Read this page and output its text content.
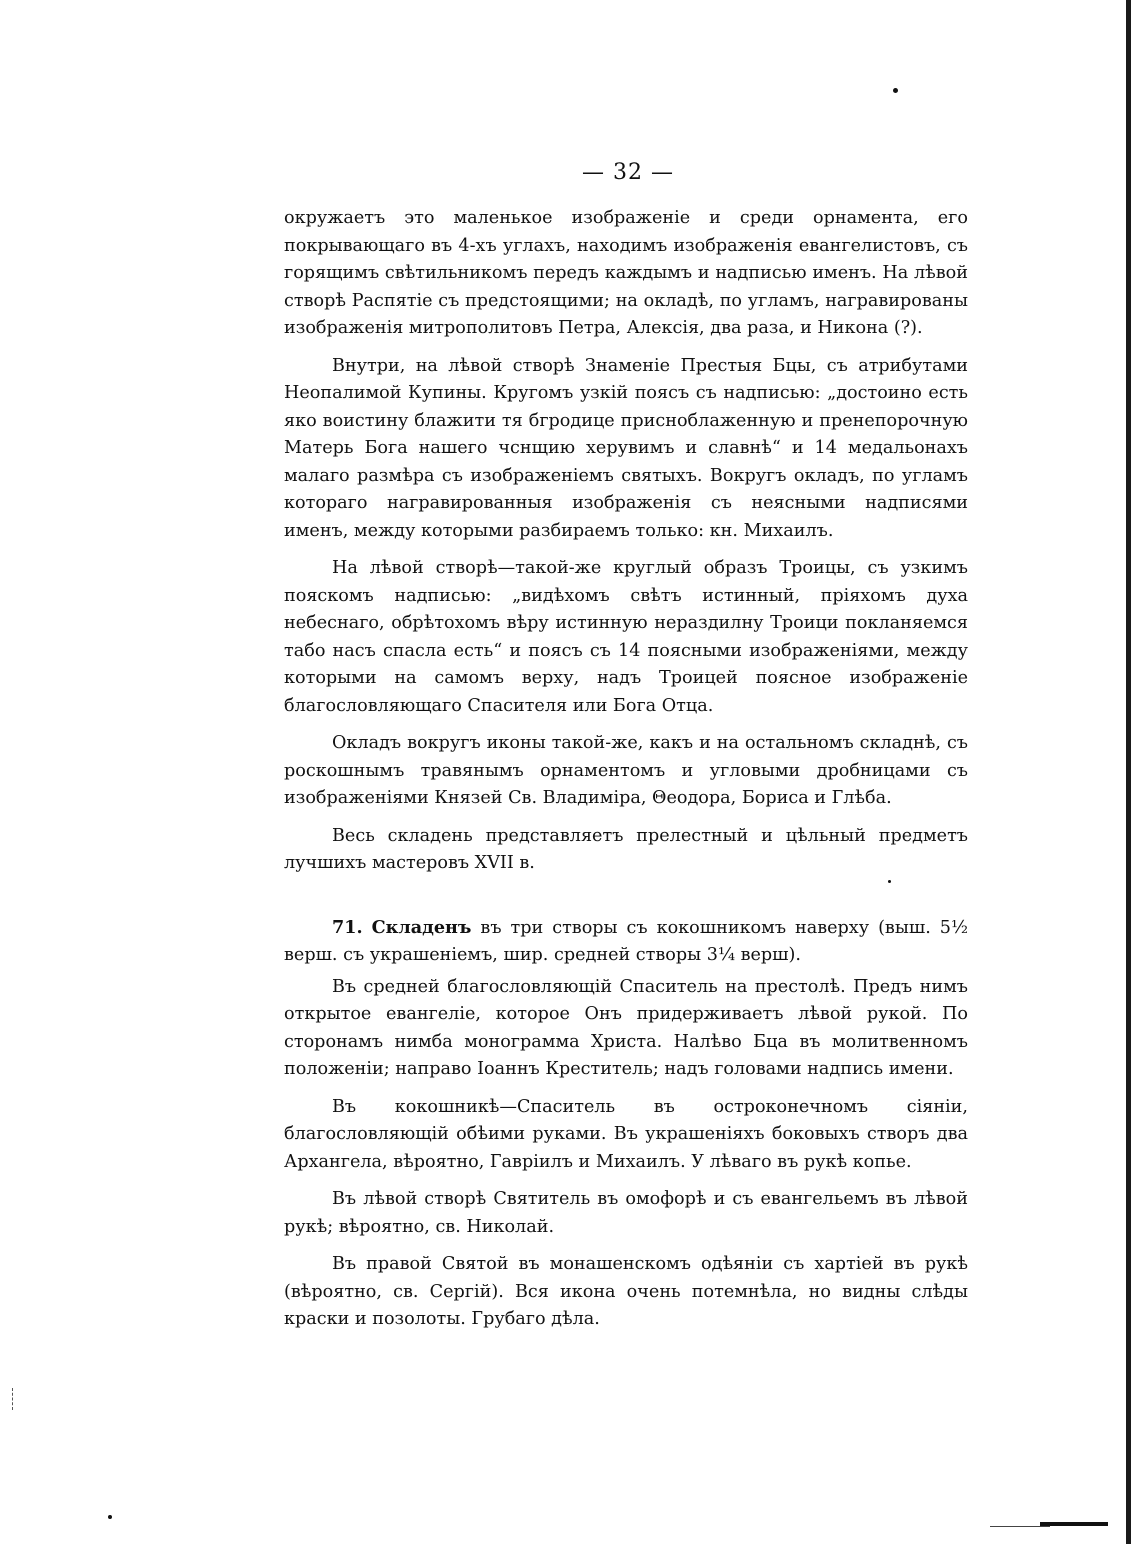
— 32 —

окружаетъ это маленькое изображеніе и среди орнамента, его покрывающаго въ 4-хъ углахъ, находимъ изображенія евангелистовъ, съ горящимъ свѣтильникомъ передъ каждымъ и надписью именъ. На лѣвой створѣ Распятіе съ предстоящими; на окладѣ, по угламъ, награвированы изображенія митрополитовъ Петра, Алексія, два раза, и Никона (?).

Внутри, на лѣвой створѣ Знаменіе Престыя Бцы, съ атрибутами Неопалимой Купины. Кругомъ узкій поясъ съ надписью: „достоино есть яко воистину блажити тя бгродице присноблаженную и пренепорочную Матерь Бога нашего чснщию херувимъ и славнѣ“ и 14 медальонахъ малаго размѣра съ изображеніемъ святыхъ. Вокругъ окладъ, по угламъ котораго награвированныя изображенія съ неясными надписями именъ, между которыми разбираемъ только: кн. Михаилъ.

На лѣвой створѣ—такой-же круглый образъ Троицы, съ узкимъ пояскомъ надписью: „видѣхомъ свѣтъ истинный, пріяхомъ духа небеснаго, обрѣтохомъ вѣру истинную нераздилну Троици покланяемся табо насъ спасла есть“ и поясъ съ 14 поясными изображеніями, между которыми на самомъ верху, надъ Троицей поясное изображеніе благословляющаго Спасителя или Бога Отца.

Окладъ вокругъ иконы такой-же, какъ и на остальномъ складнѣ, съ роскошнымъ травянымъ орнаментомъ и угловыми дробницами съ изображеніями Князей Св. Владиміра, Θеодора, Бориса и Глѣба.

Весь складень представляетъ прелестный и цѣльный предметъ лучшихъ мастеровъ XVII в.

71. Складенъ въ три створы съ кокошникомъ наверху (выш. 5½ верш. съ украшеніемъ, шир. средней створы 3¼ верш).

Въ средней благословляющій Спаситель на престолѣ. Предъ нимъ открытое евангеліе, которое Онъ придерживаетъ лѣвой рукой. По сторонамъ нимба монограмма Христа. Налѣво Бца въ молитвенномъ положеніи; направо Іоаннъ Креститель; надъ головами надпись имени.

Въ кокошникѣ—Спаситель въ остроконечномъ сіяніи, благословляющій обѣими руками. Въ украшеніяхъ боковыхъ створъ два Архангела, вѣроятно, Гавріилъ и Михаилъ. У лѣваго въ рукѣ копье.

Въ лѣвой створѣ Святитель въ омофорѣ и съ евангельемъ въ лѣвой рукѣ; вѣроятно, св. Николай.

Въ правой Святой въ монашенскомъ одѣяніи съ хартіей въ рукѣ (вѣроятно, св. Сергій). Вся икона очень потемнѣла, но видны слѣды краски и позолоты. Грубаго дѣла.
